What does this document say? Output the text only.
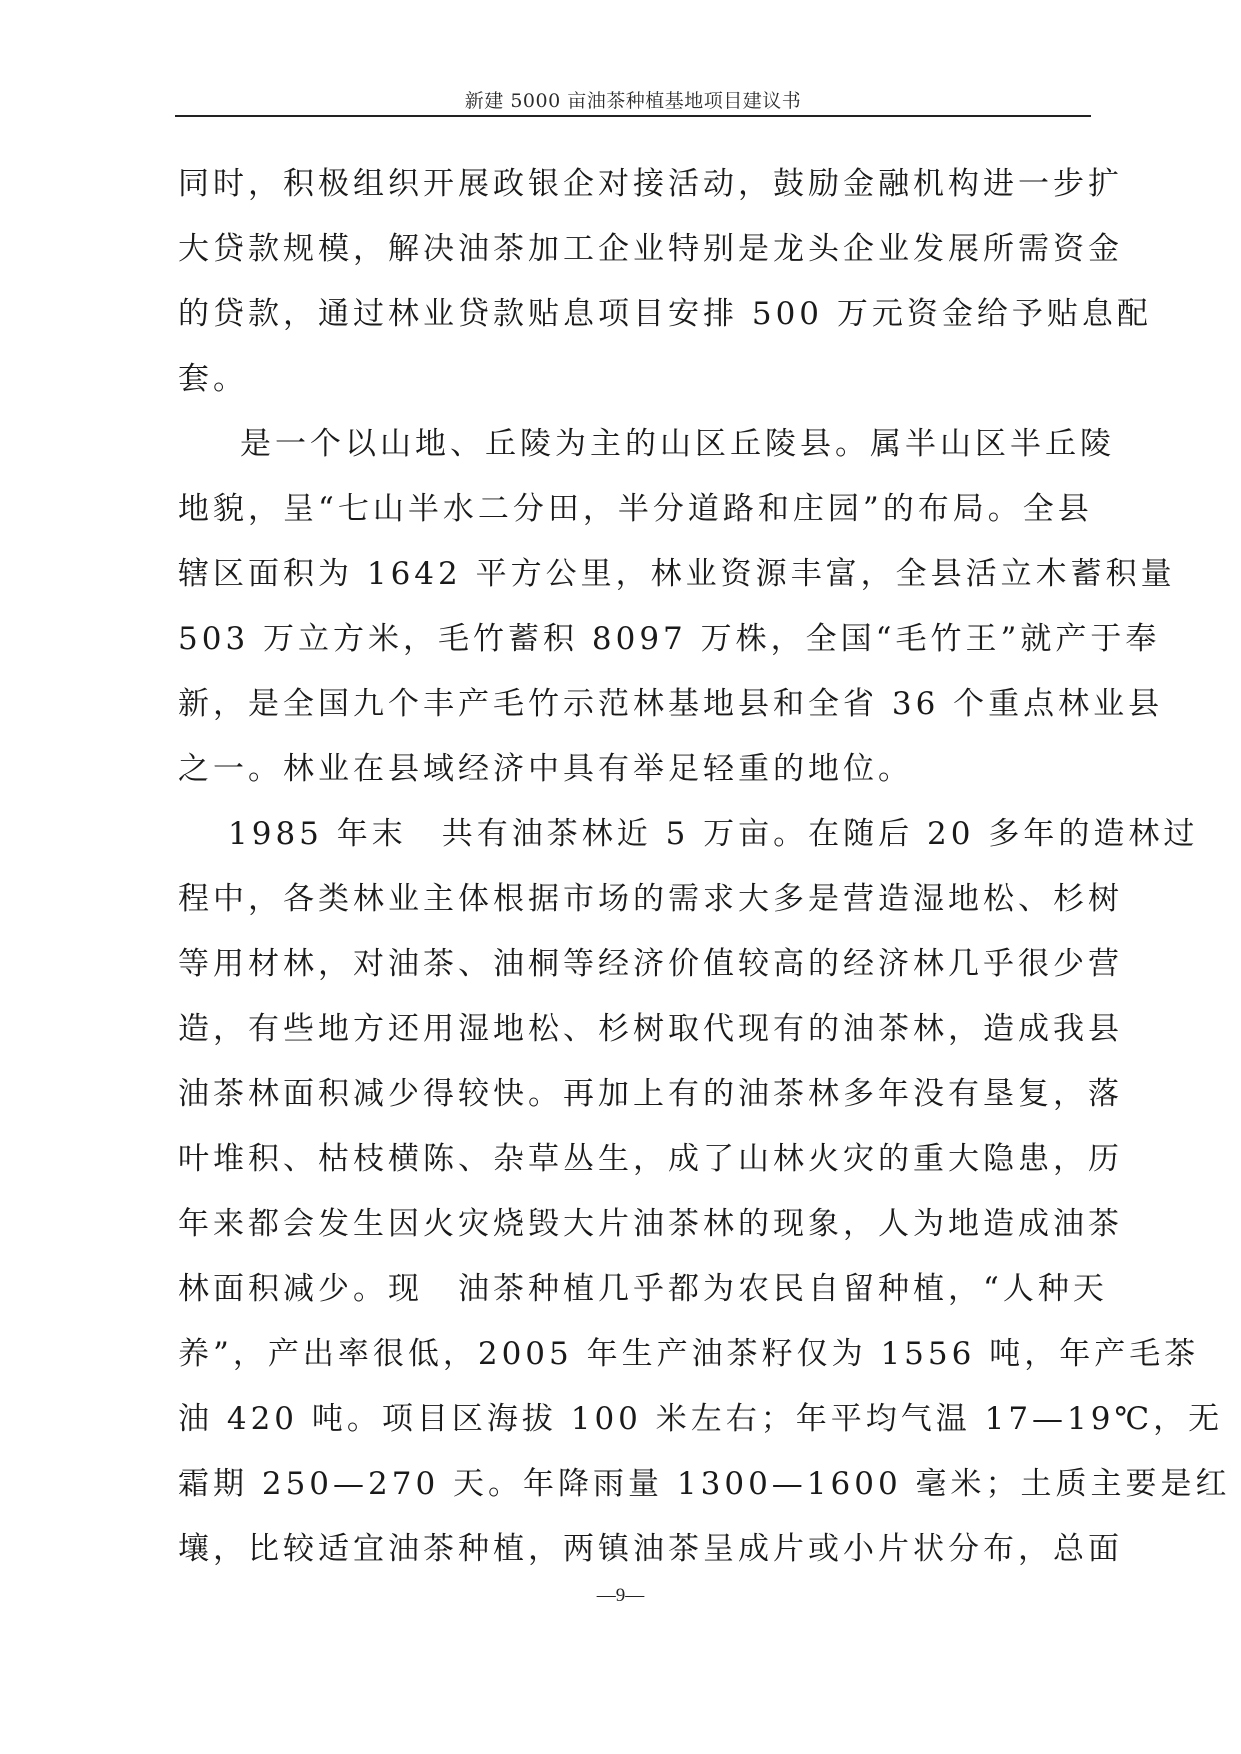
新建 5000 亩油茶种植基地项目建议书
同时，积极组织开展政银企对接活动，鼓励金融机构进一步扩
大贷款规模，解决油茶加工企业特别是龙头企业发展所需资金
的贷款，通过林业贷款贴息项目安排 500 万元资金给予贴息配
套。
是一个以山地、丘陵为主的山区丘陵县。属半山区半丘陵
地貌，呈“七山半水二分田，半分道路和庄园”的布局。全县
辖区面积为 1642 平方公里，林业资源丰富，全县活立木蓄积量
503 万立方米，毛竹蓄积 8097 万株，全国“毛竹王”就产于奉
新，是全国九个丰产毛竹示范林基地县和全省 36 个重点林业县
之一。林业在县域经济中具有举足轻重的地位。
1985 年末　共有油茶林近 5 万亩。在随后 20 多年的造林过
程中，各类林业主体根据市场的需求大多是营造湿地松、杉树
等用材林，对油茶、油桐等经济价值较高的经济林几乎很少营
造，有些地方还用湿地松、杉树取代现有的油茶林，造成我县
油茶林面积减少得较快。再加上有的油茶林多年没有垦复，落
叶堆积、枯枝横陈、杂草丛生，成了山林火灾的重大隐患，历
年来都会发生因火灾烧毁大片油茶林的现象，人为地造成油茶
林面积减少。现　油茶种植几乎都为农民自留种植，“人种天
养”，产出率很低，2005 年生产油茶籽仅为 1556 吨，年产毛茶
油 420 吨。项目区海拔 100 米左右；年平均气温 17—19℃，无
霜期 250—270 天。年降雨量 1300—1600 毫米；土质主要是红
壤，比较适宜油茶种植，两镇油茶呈成片或小片状分布，总面
—9—
